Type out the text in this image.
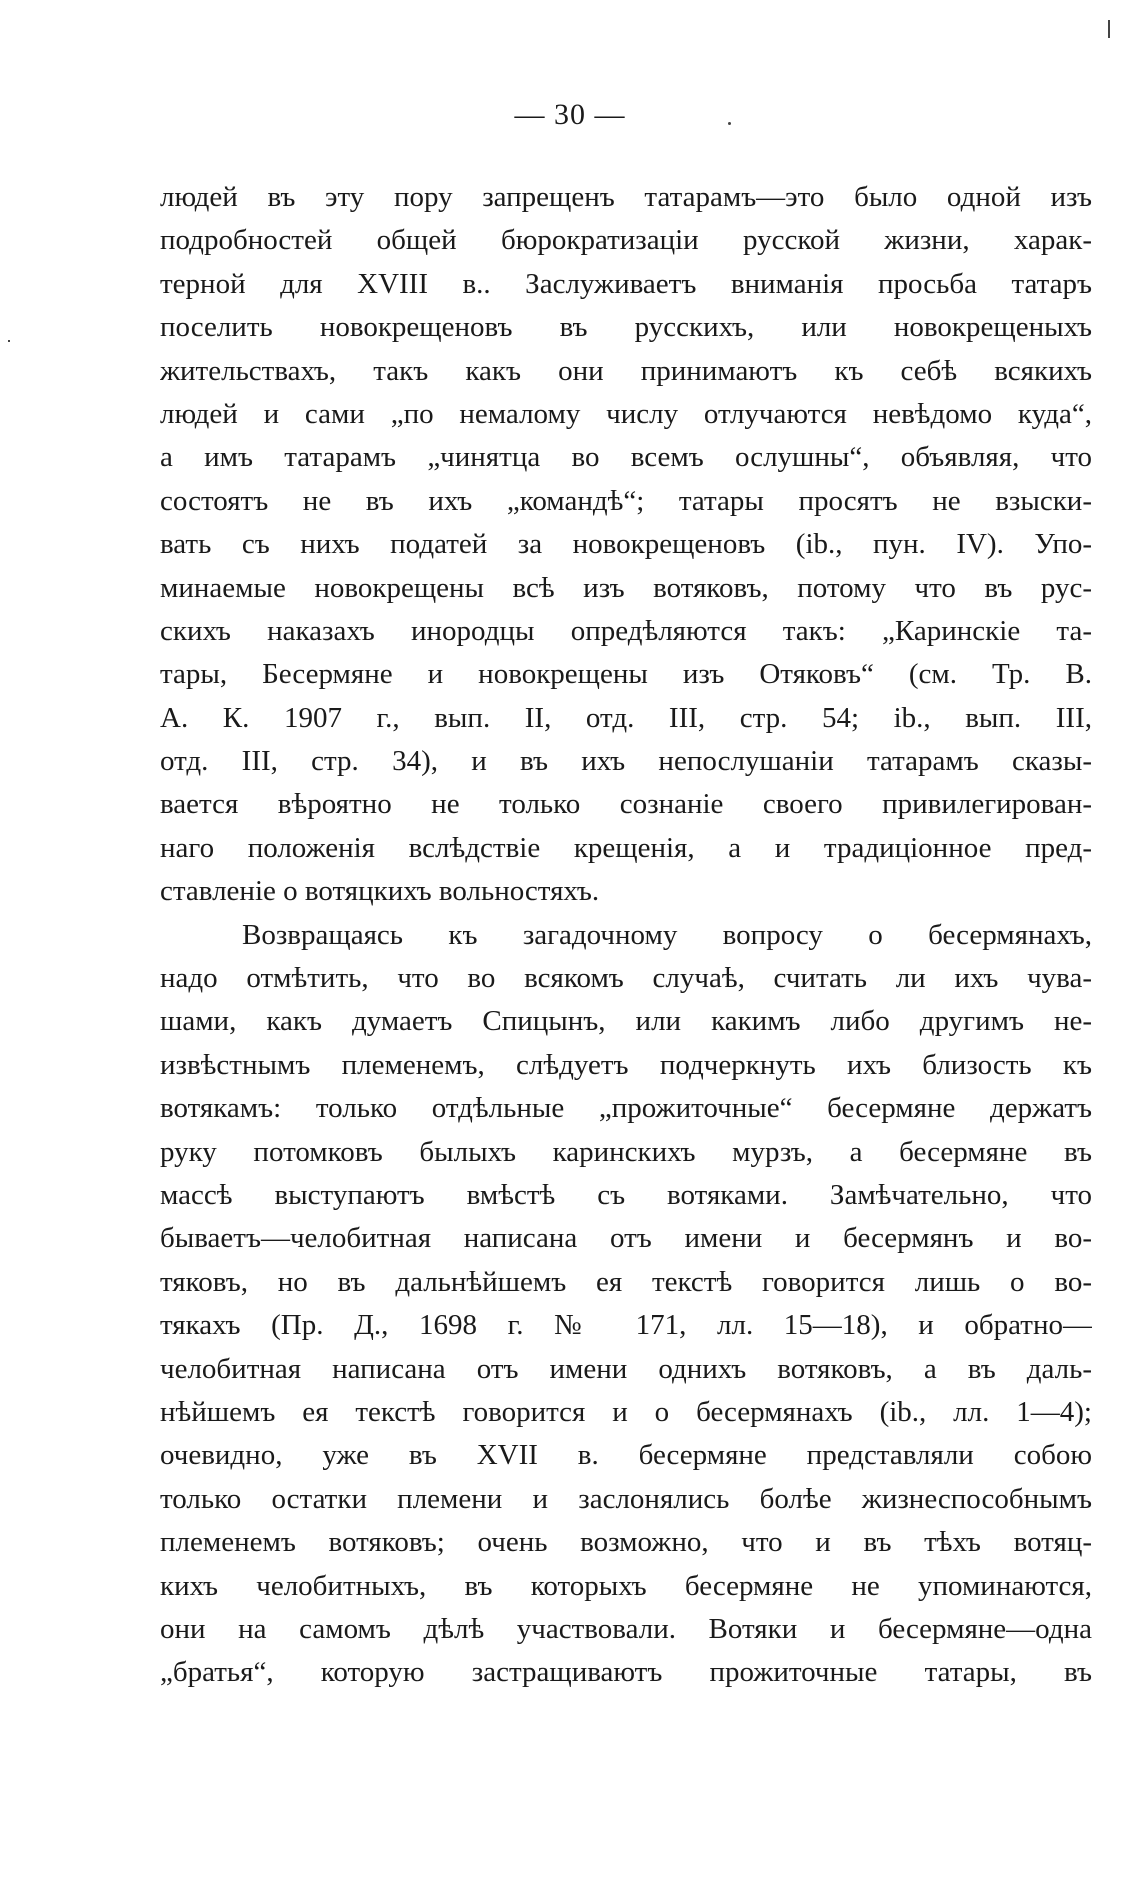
— 30 —
людей въ эту пору запрещенъ татарамъ—это было одной изъ
подробностей общей бюрократизаціи русской жизни, харак-
терной для XVIII в.. Заслуживаетъ вниманія просьба татаръ
поселить новокрещеновъ въ русскихъ, или новокрещеныхъ
жительствахъ, такъ какъ они принимаютъ къ себѣ всякихъ
людей и сами „по немалому числу отлучаются невѣдомо куда“,
а имъ татарамъ „чинятца во всемъ ослушны“, объявляя, что
состоятъ не въ ихъ „командѣ“; татары просятъ не взыски-
вать съ нихъ податей за новокрещеновъ (ib., пун. IV). Упо-
минаемые новокрещены всѣ изъ вотяковъ, потому что въ рус-
скихъ наказахъ инородцы опредѣляются такъ: „Каринскіе та-
тары, Бесермяне и новокрещены изъ Отяковъ“ (см. Тр. В.
А. К. 1907 г., вып. II, отд. III, стр. 54; ib., вып. III,
отд. III, стр. 34), и въ ихъ непослушаніи татарамъ сказы-
вается вѣроятно не только сознаніе своего привилегирован-
наго положенія вслѣдствіе крещенія, а и традиціонное пред-
ставленіе о вотяцкихъ вольностяхъ.
Возвращаясь къ загадочному вопросу о бесермянахъ,
надо отмѣтить, что во всякомъ случаѣ, считать ли ихъ чува-
шами, какъ думаетъ Спицынъ, или какимъ либо другимъ не-
извѣстнымъ племенемъ, слѣдуетъ подчеркнуть ихъ близость къ
вотякамъ: только отдѣльные „прожиточные“ бесермяне держатъ
руку потомковъ былыхъ каринскихъ мурзъ, а бесермяне въ
массѣ выступаютъ вмѣстѣ съ вотяками. Замѣчательно, что
бываетъ—челобитная написана отъ имени и бесермянъ и во-
тяковъ, но въ дальнѣйшемъ ея текстѣ говорится лишь о во-
тякахъ (Пр. Д., 1698 г. № 171, лл. 15—18), и обратно—
челобитная написана отъ имени однихъ вотяковъ, а въ даль-
нѣйшемъ ея текстѣ говорится и о бесермянахъ (ib., лл. 1—4);
очевидно, уже въ XVII в. бесермяне представляли собою
только остатки племени и заслонялись болѣе жизнеспособнымъ
племенемъ вотяковъ; очень возможно, что и въ тѣхъ вотяц-
кихъ челобитныхъ, въ которыхъ бесермяне не упоминаются,
они на самомъ дѣлѣ участвовали. Вотяки и бесермяне—одна
„братья“, которую застращиваютъ прожиточные татары, въ
